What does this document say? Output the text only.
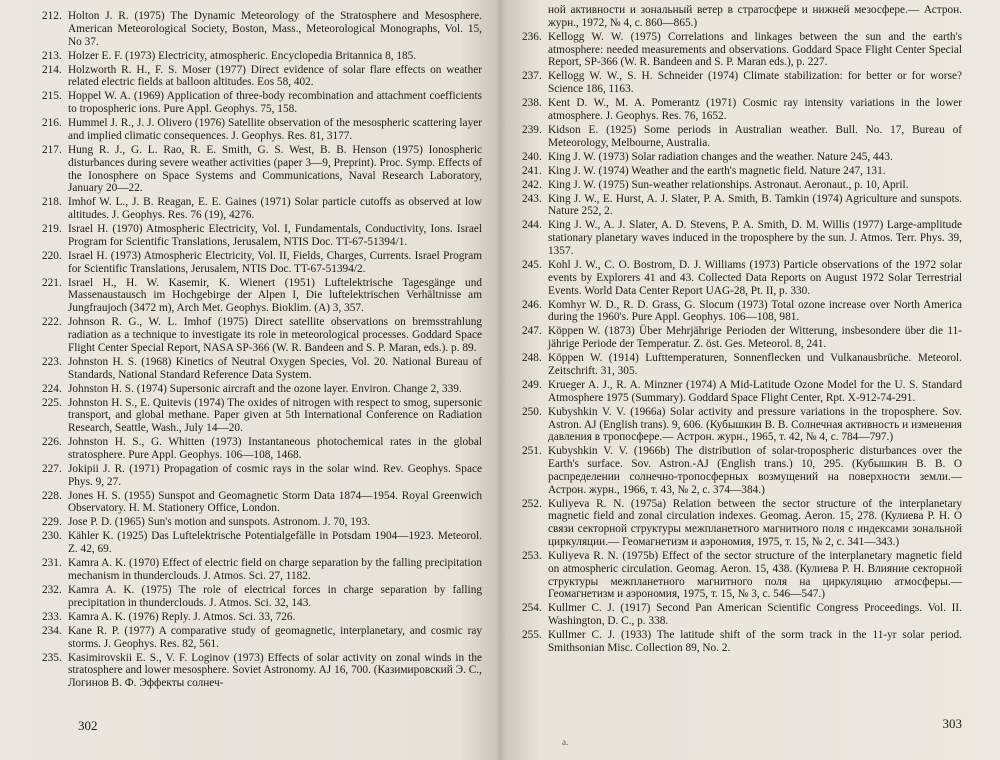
212. Holton J. R. (1975) The Dynamic Meteorology of the Stratosphere and Mesosphere. American Meteorological Society, Boston, Mass., Meteorological Monographs, Vol. 15, No 37.
213. Holzer E. F. (1973) Electricity, atmospheric. Encyclopedia Britannica 8, 185.
214. Holzworth R. H., F. S. Moser (1977) Direct evidence of solar flare effects on weather related electric fields at balloon altitudes. Eos 58, 402.
215. Hoppel W. A. (1969) Application of three-body recombination and attachment coefficients to tropospheric ions. Pure Appl. Geophys. 75, 158.
216. Hummel J. R., J. J. Olivero (1976) Satellite observation of the mesospheric scattering layer and implied climatic consequences. J. Geophys. Res. 81, 3177.
217. Hung R. J., G. L. Rao, R. E. Smith, G. S. West, B. B. Henson (1975) Ionospheric disturbances during severe weather activities (paper 3—9, Preprint). Proc. Symp. Effects of the Ionosphere on Space Systems and Communications, Naval Research Laboratory, January 20—22.
218. Imhof W. L., J. B. Reagan, E. E. Gaines (1971) Solar particle cutoffs as observed at low altitudes. J. Geophys. Res. 76 (19), 4276.
219. Israel H. (1970) Atmospheric Electricity, Vol. I, Fundamentals, Conductivity, Ions. Israel Program for Scientific Translations, Jerusalem, NTIS Doc. TT-67-51394/1.
220. Israel H. (1973) Atmospheric Electricity, Vol. II, Fields, Charges, Currents. Israel Program for Scientific Translations, Jerusalem, NTIS Doc. TT-67-51394/2.
221. Israel H., H. W. Kasemir, K. Wienert (1951) Luftelektrische Tagesgänge und Massenaustausch im Hochgebirge der Alpen I, Die luftelektrischen Verhältnisse am Jungfraujoch (3472 m), Arch Met. Geophys. Bioklim. (A) 3, 357.
222. Johnson R. G., W. L. Imhof (1975) Direct satellite observations on bremsstrahlung radiation as a technique to investigate its role in meteorological processes. Goddard Space Flight Center Special Report, NASA SP-366 (W. R. Bandeen and S. P. Maran, eds.). p. 89.
223. Johnston H. S. (1968) Kinetics of Neutral Oxygen Species, Vol. 20. National Bureau of Standards, National Standard Reference Data System.
224. Johnston H. S. (1974) Supersonic aircraft and the ozone layer. Environ. Change 2, 339.
225. Johnston H. S., E. Quitevis (1974) The oxides of nitrogen with respect to smog, supersonic transport, and global methane. Paper given at 5th International Conference on Radiation Research, Seattle, Wash., July 14—20.
226. Johnston H. S., G. Whitten (1973) Instantaneous photochemical rates in the global stratosphere. Pure Appl. Geophys. 106—108, 1468.
227. Jokipii J. R. (1971) Propagation of cosmic rays in the solar wind. Rev. Geophys. Space Phys. 9, 27.
228. Jones H. S. (1955) Sunspot and Geomagnetic Storm Data 1874—1954. Royal Greenwich Observatory. H. M. Stationery Office, London.
229. Jose P. D. (1965) Sun's motion and sunspots. Astronom. J. 70, 193.
230. Kähler K. (1925) Das Luftelektrische Potentialgefälle in Potsdam 1904—1923. Meteorol. Z. 42, 69.
231. Kamra A. K. (1970) Effect of electric field on charge separation by the falling precipitation mechanism in thunderclouds. J. Atmos. Sci. 27, 1182.
232. Kamra A. K. (1975) The role of electrical forces in charge separation by falling precipitation in thunderclouds. J. Atmos. Sci. 32, 143.
233. Kamra A. K. (1976) Reply. J. Atmos. Sci. 33, 726.
234. Kane R. P. (1977) A comparative study of geomagnetic, interplanetary, and cosmic ray storms. J. Geophys. Res. 82, 561.
235. Kasimirovskii E. S., V. F. Loginov (1973) Effects of solar activity on zonal winds in the stratosphere and lower mesosphere. Soviet Astronomy. AJ 16, 700. (Казимировский Э. С., Логинов В. Ф. Эффекты солнеч-
302

ной активности и зональный ветер в стратосфере и нижней мезосфере.— Астрон. журн., 1972, № 4, с. 860—865.)

236. Kellogg W. W. (1975) Correlations and linkages between the sun and the earth's atmosphere: needed measurements and observations. Goddard Space Flight Center Special Report, SP-366 (W. R. Bandeen and S. P. Maran eds.), p. 227.
237. Kellogg W. W., S. H. Schneider (1974) Climate stabilization: for better or for worse? Science 186, 1163.
238. Kent D. W., M. A. Pomerantz (1971) Cosmic ray intensity variations in the lower atmosphere. J. Geophys. Res. 76, 1652.
239. Kidson E. (1925) Some periods in Australian weather. Bull. No. 17, Bureau of Meteorology, Melbourne, Australia.
240. King J. W. (1973) Solar radiation changes and the weather. Nature 245, 443.
241. King J. W. (1974) Weather and the earth's magnetic field. Nature 247, 131.
242. King J. W. (1975) Sun-weather relationships. Astronaut. Aeronaut., p. 10, April.
243. King J. W., E. Hurst, A. J. Slater, P. A. Smith, B. Tamkin (1974) Agriculture and sunspots. Nature 252, 2.
244. King J. W., A. J. Slater, A. D. Stevens, P. A. Smith, D. M. Willis (1977) Large-amplitude stationary planetary waves induced in the troposphere by the sun. J. Atmos. Terr. Phys. 39, 1357.
245. Kohl J. W., C. O. Bostrom, D. J. Williams (1973) Particle observations of the 1972 solar events by Explorers 41 and 43. Collected Data Reports on August 1972 Solar Terrestrial Events. World Data Center Report UAG-28, Pt. II, p. 330.
246. Komhyr W. D., R. D. Grass, G. Slocum (1973) Total ozone increase over North America during the 1960's. Pure Appl. Geophys. 106—108, 981.
247. Köppen W. (1873) Über Mehrjährige Perioden der Witterung, insbesondere über die 11-jährige Periode der Temperatur. Z. öst. Ges. Meteorol. 8, 241.
248. Köppen W. (1914) Lufttemperaturen, Sonnenflecken und Vulkanausbrüche. Meteorol. Zeitschrift. 31, 305.
249. Krueger A. J., R. A. Minzner (1974) A Mid-Latitude Ozone Model for the U. S. Standard Atmosphere 1975 (Summary). Goddard Space Flight Center, Rpt. X-912-74-291.
250. Kubyshkin V. V. (1966a) Solar activity and pressure variations in the troposphere. Sov. Astron. AJ (English trans). 9, 606. (Кубышкин В. В. Солнечная активность и изменения давления в тропосфере.— Астрон. журн., 1965, т. 42, № 4, с. 784—797.)
251. Kubyshkin V. V. (1966b) The distribution of solar-tropospheric disturbances over the Earth's surface. Sov. Astron.-AJ (English trans.) 10, 295. (Кубышкин В. В. О распределении солнечно-тропосферных возмущений на поверхности земли.— Астрон. журн., 1966, т. 43, № 2, с. 374—384.)
252. Kuliyeva R. N. (1975a) Relation between the sector structure of the interplanetary magnetic field and zonal circulation indexes. Geomag. Aeron. 15, 278. (Кулиева Р. Н. О связи секторной структуры межпланетного магнитного поля с индексами зональной циркуляции.— Геомагнетизм и аэрономия, 1975, т. 15, № 2, с. 341—343.)
253. Kuliyeva R. N. (1975b) Effect of the sector structure of the interplanetary magnetic field on atmospheric circulation. Geomag. Aeron. 15, 438. (Кулиева Р. Н. Влияние секторной структуры межпланетного магнитного поля на циркуляцию атмосферы.— Геомагнетизм и аэрономия, 1975, т. 15, № 3, с. 546—547.)
254. Kullmer C. J. (1917) Second Pan American Scientific Congress Proceedings. Vol. II. Washington, D. C., p. 338.
255. Kullmer C. J. (1933) The latitude shift of the sorm track in the 11-yr solar period. Smithsonian Misc. Collection 89, No. 2.
303
a.
